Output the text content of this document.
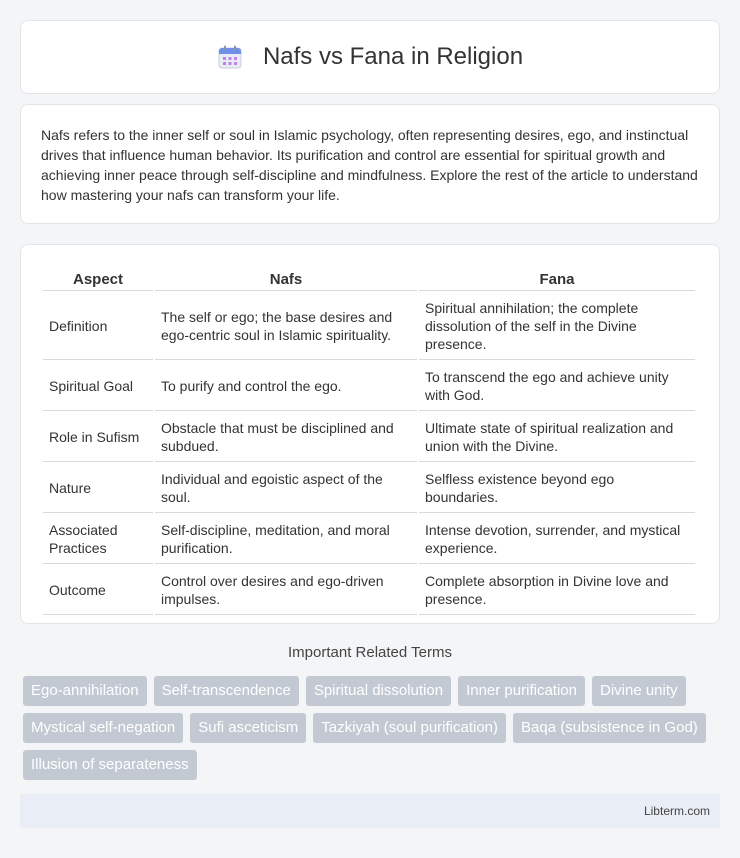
Nafs vs Fana in Religion

Nafs refers to the inner self or soul in Islamic psychology, often representing desires, ego, and instinctual drives that influence human behavior. Its purification and control are essential for spiritual growth and achieving inner peace through self-discipline and mindfulness. Explore the rest of the article to understand how mastering your nafs can transform your life.

Aspect	Nafs	Fana
Definition	The self or ego; the base desires and ego-centric soul in Islamic spirituality.	Spiritual annihilation; the complete dissolution of the self in the Divine presence.
Spiritual Goal	To purify and control the ego.	To transcend the ego and achieve unity with God.
Role in Sufism	Obstacle that must be disciplined and subdued.	Ultimate state of spiritual realization and union with the Divine.
Nature	Individual and egoistic aspect of the soul.	Selfless existence beyond ego boundaries.
Associated Practices	Self-discipline, meditation, and moral purification.	Intense devotion, surrender, and mystical experience.
Outcome	Control over desires and ego-driven impulses.	Complete absorption in Divine love and presence.
Important Related Terms
Ego-annihilation	Self-transcendence	Spiritual dissolution	Inner purification	Divine unity
Mystical self-negation	Sufi asceticism	Tazkiyah (soul purification)	Baqa (subsistence in God)
Illusion of separateness
Libterm.com
